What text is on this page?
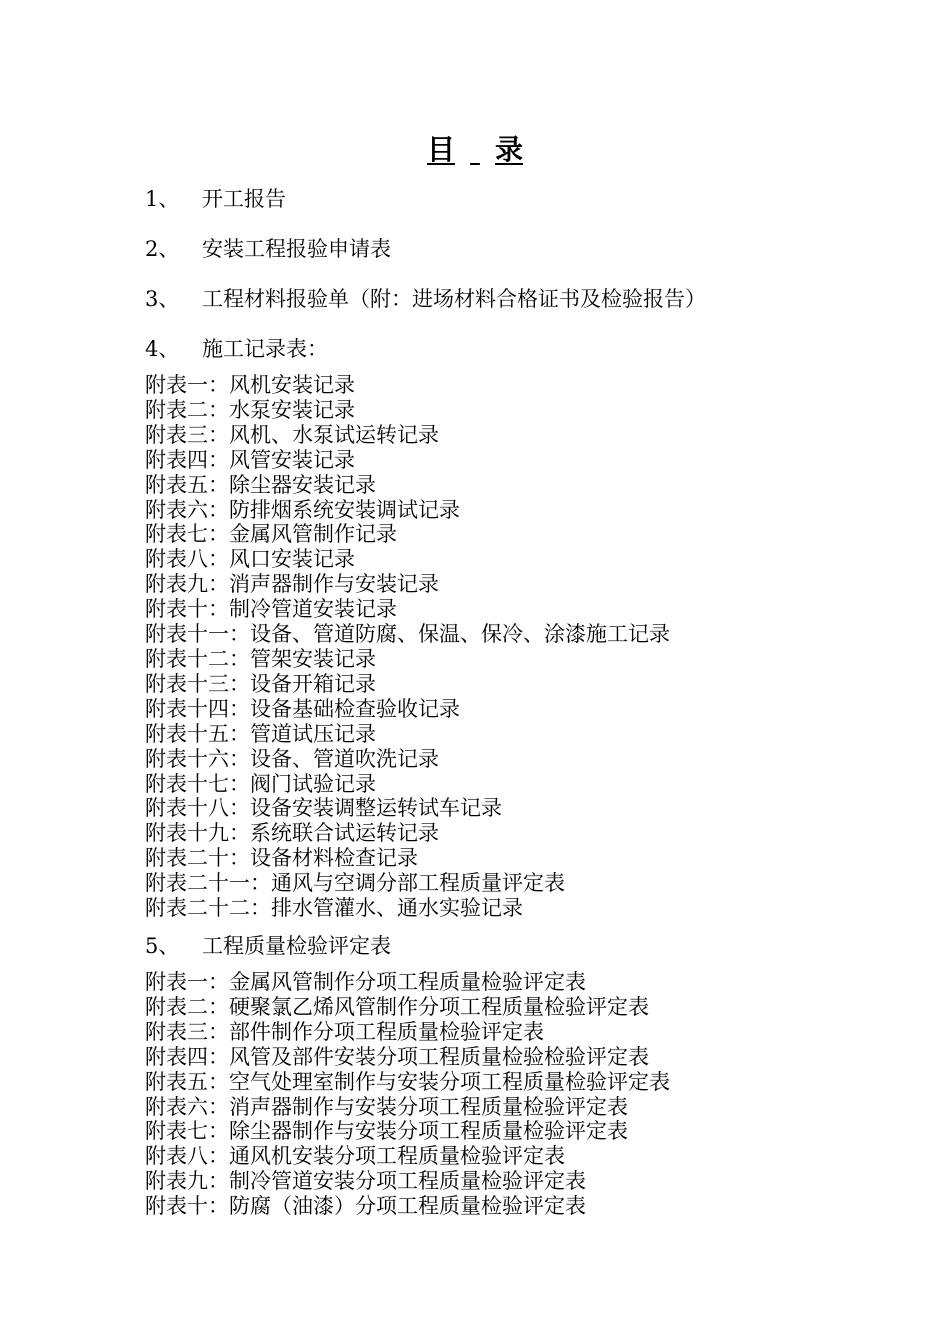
目 录
1、 开工报告
2、 安装工程报验申请表
3、 工程材料报验单（附：进场材料合格证书及检验报告）
4、 施工记录表：
附表一：风机安装记录
附表二：水泵安装记录
附表三：风机、水泵试运转记录
附表四：风管安装记录
附表五：除尘器安装记录
附表六：防排烟系统安装调试记录
附表七：金属风管制作记录
附表八：风口安装记录
附表九：消声器制作与安装记录
附表十：制冷管道安装记录
附表十一：设备、管道防腐、保温、保冷、涂漆施工记录
附表十二：管架安装记录
附表十三：设备开箱记录
附表十四：设备基础检查验收记录
附表十五：管道试压记录
附表十六：设备、管道吹洗记录
附表十七：阀门试验记录
附表十八：设备安装调整运转试车记录
附表十九：系统联合试运转记录
附表二十：设备材料检查记录
附表二十一：通风与空调分部工程质量评定表
附表二十二：排水管灌水、通水实验记录
5、 工程质量检验评定表
附表一：金属风管制作分项工程质量检验评定表
附表二：硬聚氯乙烯风管制作分项工程质量检验评定表
附表三：部件制作分项工程质量检验评定表
附表四：风管及部件安装分项工程质量检验检验评定表
附表五：空气处理室制作与安装分项工程质量检验评定表
附表六：消声器制作与安装分项工程质量检验评定表
附表七：除尘器制作与安装分项工程质量检验评定表
附表八：通风机安装分项工程质量检验评定表
附表九：制冷管道安装分项工程质量检验评定表
附表十：防腐（油漆）分项工程质量检验评定表
